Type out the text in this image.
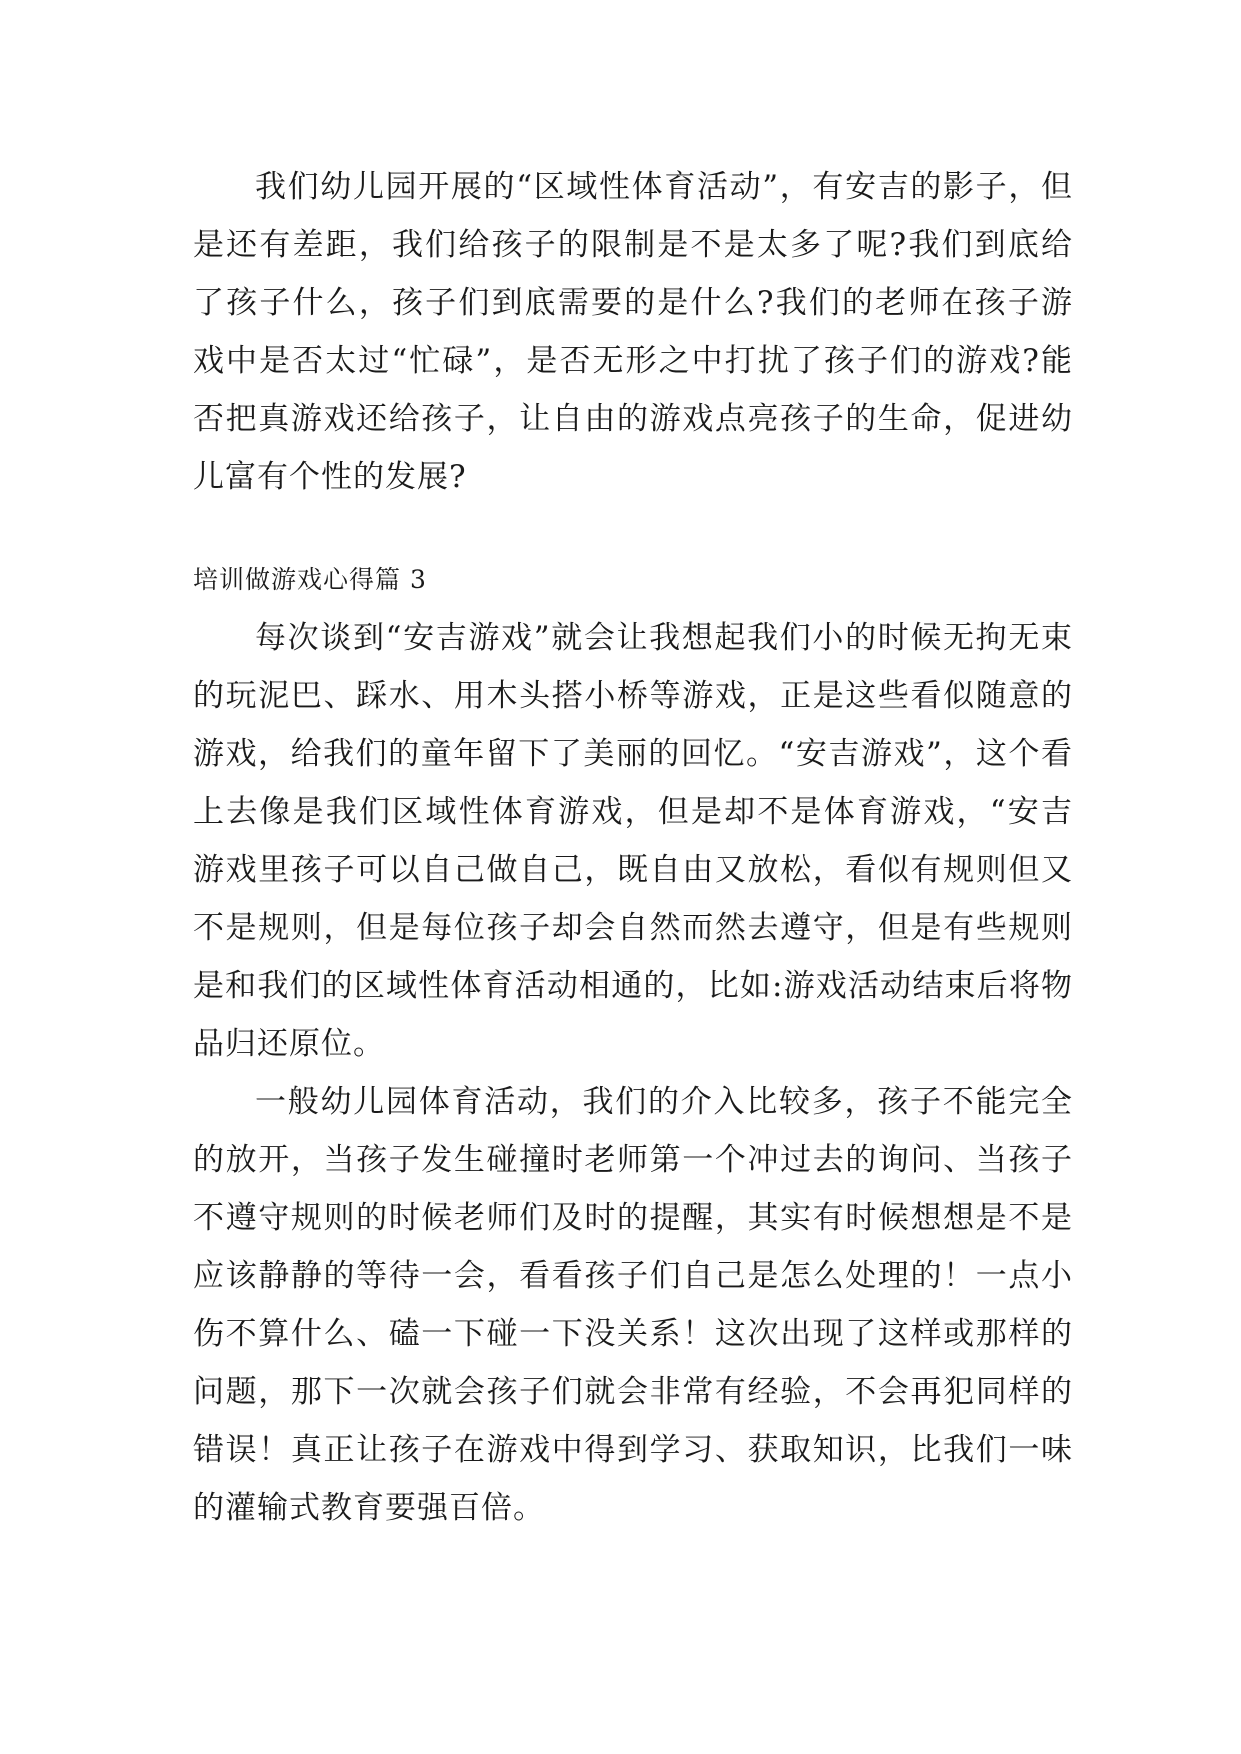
我们幼儿园开展的“区域性体育活动”，有安吉的影子，但是还有差距，我们给孩子的限制是不是太多了呢?我们到底给了孩子什么，孩子们到底需要的是什么?我们的老师在孩子游戏中是否太过“忙碌”，是否无形之中打扰了孩子们的游戏?能否把真游戏还给孩子，让自由的游戏点亮孩子的生命，促进幼儿富有个性的发展?

培训做游戏心得篇 3

每次谈到“安吉游戏”就会让我想起我们小的时候无拘无束的玩泥巴、踩水、用木头搭小桥等游戏，正是这些看似随意的游戏，给我们的童年留下了美丽的回忆。“安吉游戏”，这个看上去像是我们区域性体育游戏，但是却不是体育游戏，“安吉游戏里孩子可以自己做自己，既自由又放松，看似有规则但又不是规则，但是每位孩子却会自然而然去遵守，但是有些规则是和我们的区域性体育活动相通的，比如:游戏活动结束后将物品归还原位。

一般幼儿园体育活动，我们的介入比较多，孩子不能完全的放开，当孩子发生碰撞时老师第一个冲过去的询问、当孩子不遵守规则的时候老师们及时的提醒，其实有时候想想是不是应该静静的等待一会，看看孩子们自己是怎么处理的！一点小伤不算什么、磕一下碰一下没关系！这次出现了这样或那样的问题，那下一次就会孩子们就会非常有经验，不会再犯同样的错误！真正让孩子在游戏中得到学习、获取知识，比我们一味的灌输式教育要强百倍。
